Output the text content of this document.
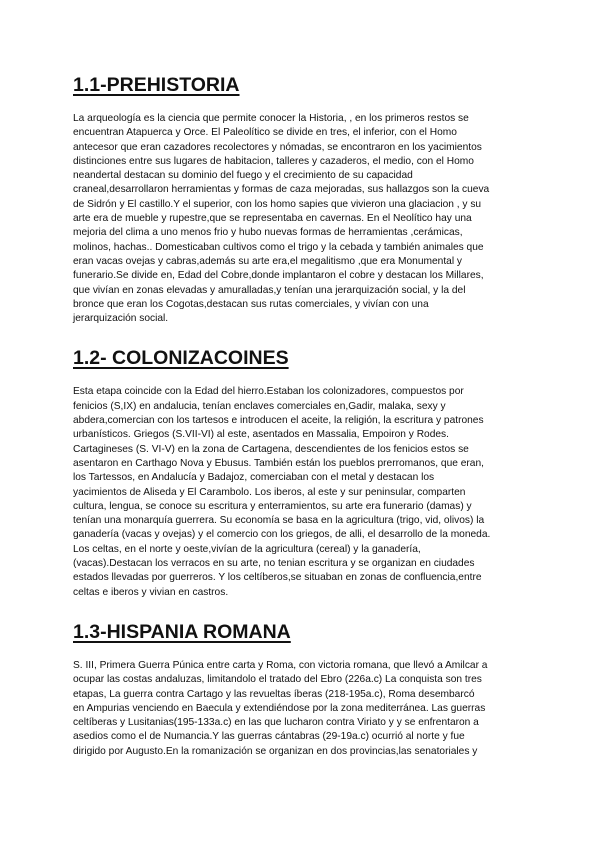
1.1-PREHISTORIA
La arqueología es la ciencia que permite conocer la Historia, , en los primeros restos se
encuentran Atapuerca y Orce. El Paleolítico se divide en tres, el inferior, con el Homo
antecesor que eran cazadores recolectores y nómadas, se encontraron en los yacimientos
distinciones entre sus lugares de habitacion, talleres y cazaderos, el medio, con el Homo
neandertal destacan su dominio del fuego y el crecimiento de su capacidad
craneal,desarrollaron herramientas y formas de caza mejoradas, sus hallazgos son la cueva
de Sidrón y El castillo.Y el superior, con los homo sapies que vivieron una glaciacion , y su
arte era de mueble y rupestre,que se representaba en cavernas. En el Neolítico hay una
mejoria del clima a uno menos frio y hubo nuevas formas de herramientas ,cerámicas,
molinos, hachas.. Domesticaban cultivos como el trigo y la cebada y también animales que
eran vacas ovejas y cabras,además su arte era,el megalitismo ,que era Monumental y
funerario.Se divide en, Edad del Cobre,donde implantaron el cobre y destacan los Millares,
que vivían en zonas elevadas y amuralladas,y tenían una jerarquización social, y la del
bronce que eran los Cogotas,destacan sus rutas comerciales, y vivían con una
jerarquización social.
1.2- COLONIZACOINES
Esta etapa coincide con la Edad del hierro.Estaban los colonizadores, compuestos por
fenicios (S,IX) en andalucia, tenían enclaves comerciales en,Gadir, malaka, sexy y
abdera,comercian con los tartesos e introducen el aceite, la religión, la escritura y patrones
urbanísticos. Griegos (S.VII-VI) al este, asentados en Massalia, Empoiron y Rodes.
Cartagineses (S. VI-V) en la zona de Cartagena, descendientes de los fenicios estos se
asentaron en Carthago Nova y Ebusus. También están los pueblos prerromanos, que eran,
los Tartessos, en Andalucía y Badajoz, comerciaban con el metal y destacan los
yacimientos de Aliseda y El Carambolo. Los iberos, al este y sur peninsular, comparten
cultura, lengua, se conoce su escritura y enterramientos, su arte era funerario (damas) y
tenían una monarquía guerrera. Su economía se basa en la agricultura (trigo, vid, olivos) la
ganadería (vacas y ovejas) y el comercio con los griegos, de alli, el desarrollo de la moneda.
Los celtas, en el norte y oeste,vivían de la agricultura (cereal) y la ganadería,
(vacas).Destacan los verracos en su arte, no tenian escritura y se organizan en ciudades
estados llevadas por guerreros. Y los celtíberos,se situaban en zonas de confluencia,entre
celtas e iberos y vivian en castros.
1.3-HISPANIA ROMANA
S. III, Primera Guerra Púnica entre carta y Roma, con victoria romana, que llevó a Amilcar a
ocupar las costas andaluzas, limitandolo el tratado del Ebro (226a.c) La conquista son tres
etapas, La guerra contra Cartago y las revueltas íberas (218-195a.c), Roma desembarcó
en Ampurias venciendo en Baecula y extendiéndose por la zona mediterránea. Las guerras
celtíberas y Lusitanias(195-133a.c) en las que lucharon contra Viriato y y se enfrentaron a
asedios como el de Numancia.Y las guerras cántabras (29-19a.c) ocurrió al norte y fue
dirigido por Augusto.En la romanización se organizan en dos provincias,las senatoriales y
